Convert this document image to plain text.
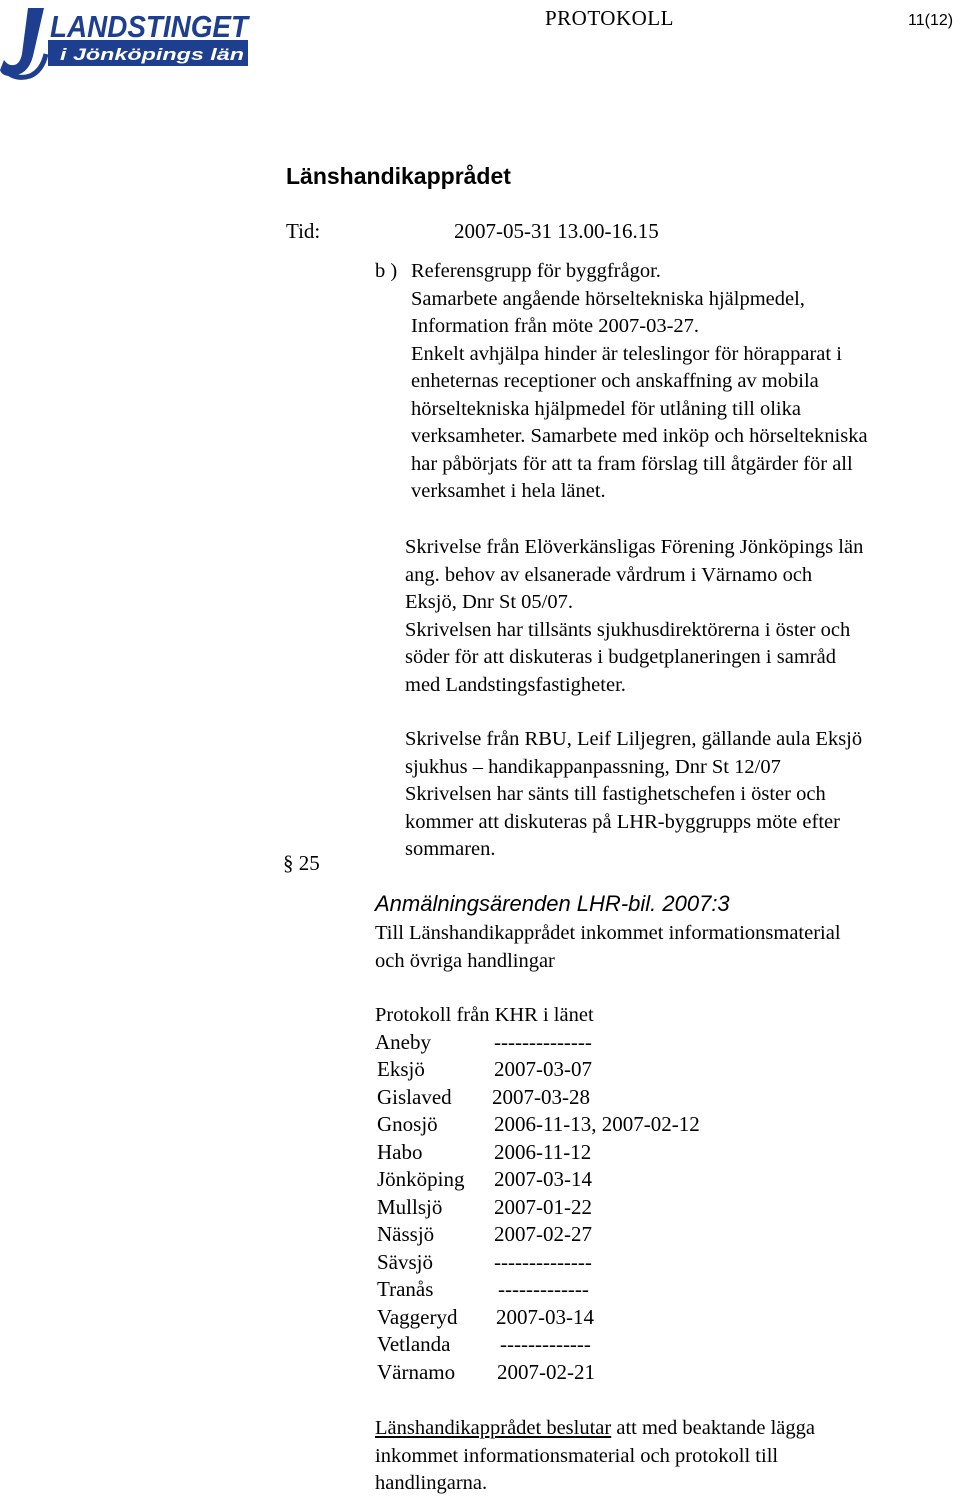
LANDSTINGET
i Jönköpings län
PROTOKOLL	11(12)
Länshandikapprådet
Tid:	2007-05-31 13.00-16.15
b ) Referensgrupp för byggfrågor.
Samarbete angående hörseltekniska hjälpmedel,
Information från möte 2007-03-27.
Enkelt avhjälpa hinder är teleslingor för hörapparat i
enheternas receptioner och anskaffning av mobila
hörseltekniska hjälpmedel för utlåning till olika
verksamheter. Samarbete med inköp och hörseltekniska
har påbörjats för att ta fram förslag till åtgärder för all
verksamhet i hela länet.
Skrivelse från Elöverkänsligas Förening Jönköpings län
ang. behov av elsanerade vårdrum i Värnamo och
Eksjö, Dnr St 05/07.
Skrivelsen har tillsänts sjukhusdirektörerna i öster och
söder för att diskuteras i budgetplaneringen i samråd
med Landstingsfastigheter.
Skrivelse från RBU, Leif Liljegren, gällande aula Eksjö
sjukhus – handikappanpassning, Dnr St 12/07
Skrivelsen har sänts till fastighetschefen i öster och
kommer att diskuteras på LHR-byggrupps möte efter
sommaren.
§ 25
Anmälningsärenden LHR-bil. 2007:3
Till Länshandikapprådet inkommet informationsmaterial
och övriga handlingar
Protokoll från KHR i länet
Aneby	--------------
Eksjö	2007-03-07
Gislaved 2007-03-28
Gnosjö	2006-11-13, 2007-02-12
Habo	2006-11-12
Jönköping 2007-03-14
Mullsjö 2007-01-22
Nässjö	2007-02-27
Sävsjö	--------------
Tranås	-------------
Vaggeryd 2007-03-14
Vetlanda -------------
Värnamo 2007-02-21
Länshandikapprådet beslutar att med beaktande lägga
inkommet informationsmaterial och protokoll till
handlingarna.
